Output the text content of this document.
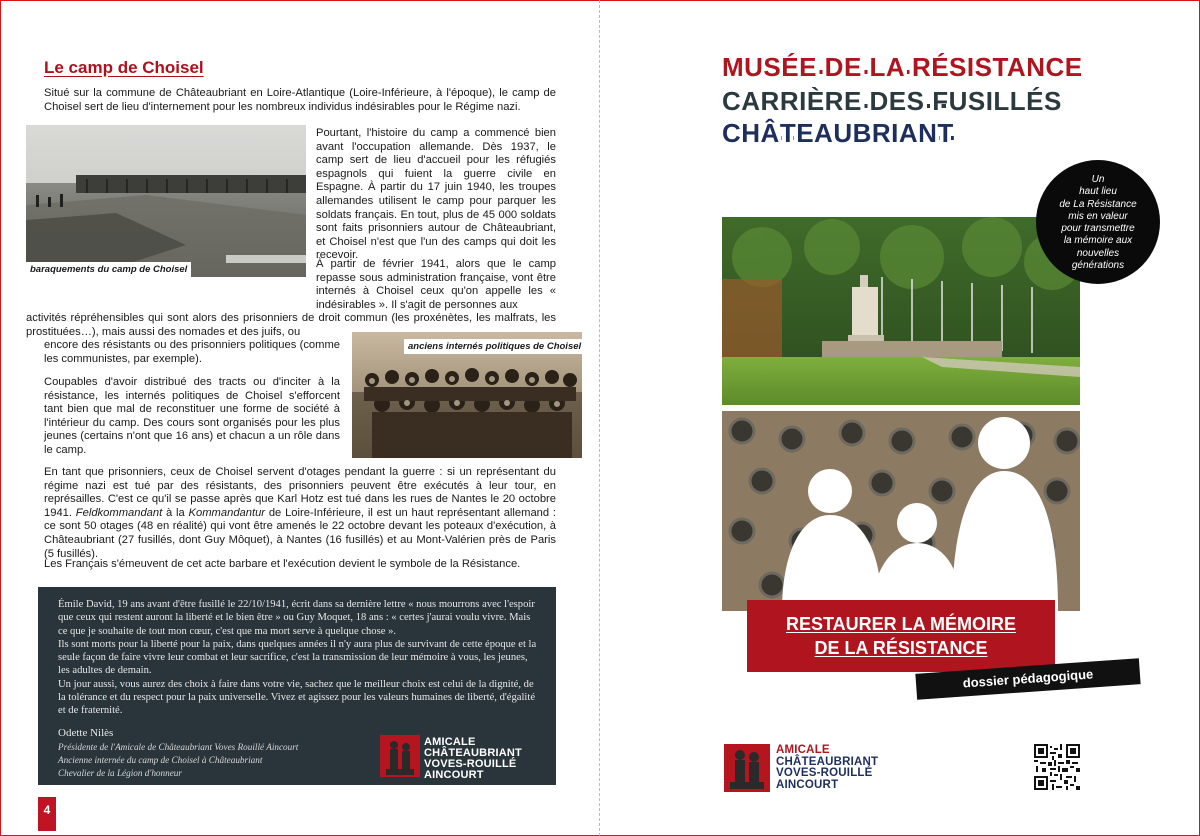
Le camp de Choisel

Situé sur la commune de Châteaubriant en Loire-Atlantique (Loire-Inférieure, à l'époque), le camp de Choisel sert de lieu d'internement pour les nombreux individus indésirables pour le Régime nazi.

baraquements du camp de Choisel

Pourtant, l'histoire du camp a commencé bien avant l'occupation allemande. Dès 1937, le camp sert de lieu d'accueil pour les réfugiés espagnols qui fuient la guerre civile en Espagne. À partir du 17 juin 1940, les troupes allemandes utilisent le camp pour parquer les soldats français. En tout, plus de 45 000 soldats sont faits prisonniers autour de Châteaubriant, et Choisel n'est que l'un des camps qui doit les recevoir.

À partir de février 1941, alors que le camp repasse sous administration française, vont être internés à Choisel ceux qu'on appelle les « indésirables ». Il s'agit de personnes aux

activités répréhensibles qui sont alors des prisonniers de droit commun (les proxénètes, les malfrats, les prostituées…), mais aussi des nomades et des juifs, ou

encore des résistants ou des prisonniers politiques (comme les communistes, par exemple).

anciens internés politiques de Choisel

Coupables d'avoir distribué des tracts ou d'inciter à la résistance, les internés politiques de Choisel s'efforcent tant bien que mal de reconstituer une forme de société à l'intérieur du camp. Des cours sont organisés pour les plus jeunes (certains n'ont que 16 ans) et chacun a un rôle dans le camp.

En tant que prisonniers, ceux de Choisel servent d'otages pendant la guerre : si un représentant du régime nazi est tué par des résistants, des prisonniers peuvent être exécutés à leur tour, en représailles. C'est ce qu'il se passe après que Karl Hotz est tué dans les rues de Nantes le 20 octobre 1941. Feldkommandant à la Kommandantur de Loire-Inférieure, il est un haut représentant allemand : ce sont 50 otages (48 en réalité) qui vont être amenés le 22 octobre devant les poteaux d'exécution, à Châteaubriant (27 fusillés, dont Guy Môquet), à Nantes (16 fusillés) et au Mont-Valérien près de Paris (5 fusillés).

Les Français s'émeuvent de cet acte barbare et l'exécution devient le symbole de la Résistance.

Émile David, 19 ans avant d'être fusillé le 22/10/1941, écrit dans sa dernière lettre « nous mourrons avec l'espoir que ceux qui restent auront la liberté et le bien être » ou Guy Moquet, 18 ans : « certes j'aurai voulu vivre. Mais ce que je souhaite de tout mon cœur, c'est que ma mort serve à quelque chose ».
Ils sont morts pour la liberté pour la paix, dans quelques années il n'y aura plus de survivant de cette époque et la seule façon de faire vivre leur combat et leur sacrifice, c'est la transmission de leur mémoire à vous, les jeunes, les adultes de demain.
Un jour aussi, vous aurez des choix à faire dans votre vie, sachez que le meilleur choix est celui de la dignité, de la tolérance et du respect pour la paix universelle. Vivez et agissez pour les valeurs humaines de liberté, d'égalité et de fraternité.
Odette Nilès
Présidente de l'Amicale de Châteaubriant Voves Rouillé Aincourt
Ancienne internée du camp de Choisel à Châteaubriant
Chevalier de la Légion d'honneur
AMICALE
CHÂTEAUBRIANT
VOVES-ROUILLÉ
AINCOURT
4
MUSÉE DE LA RÉSISTANCE
CARRIÈRE DES FUSILLÉS
CHÂTEAUBRIANT
Un
haut lieu
de La Résistance
mis en valeur
pour transmettre
la mémoire aux
nouvelles
générations
RESTAURER LA MÉMOIRE
DE LA RÉSISTANCE
dossier pédagogique
AMICALE
CHÂTEAUBRIANT
VOVES-ROUILLÉ
AINCOURT
